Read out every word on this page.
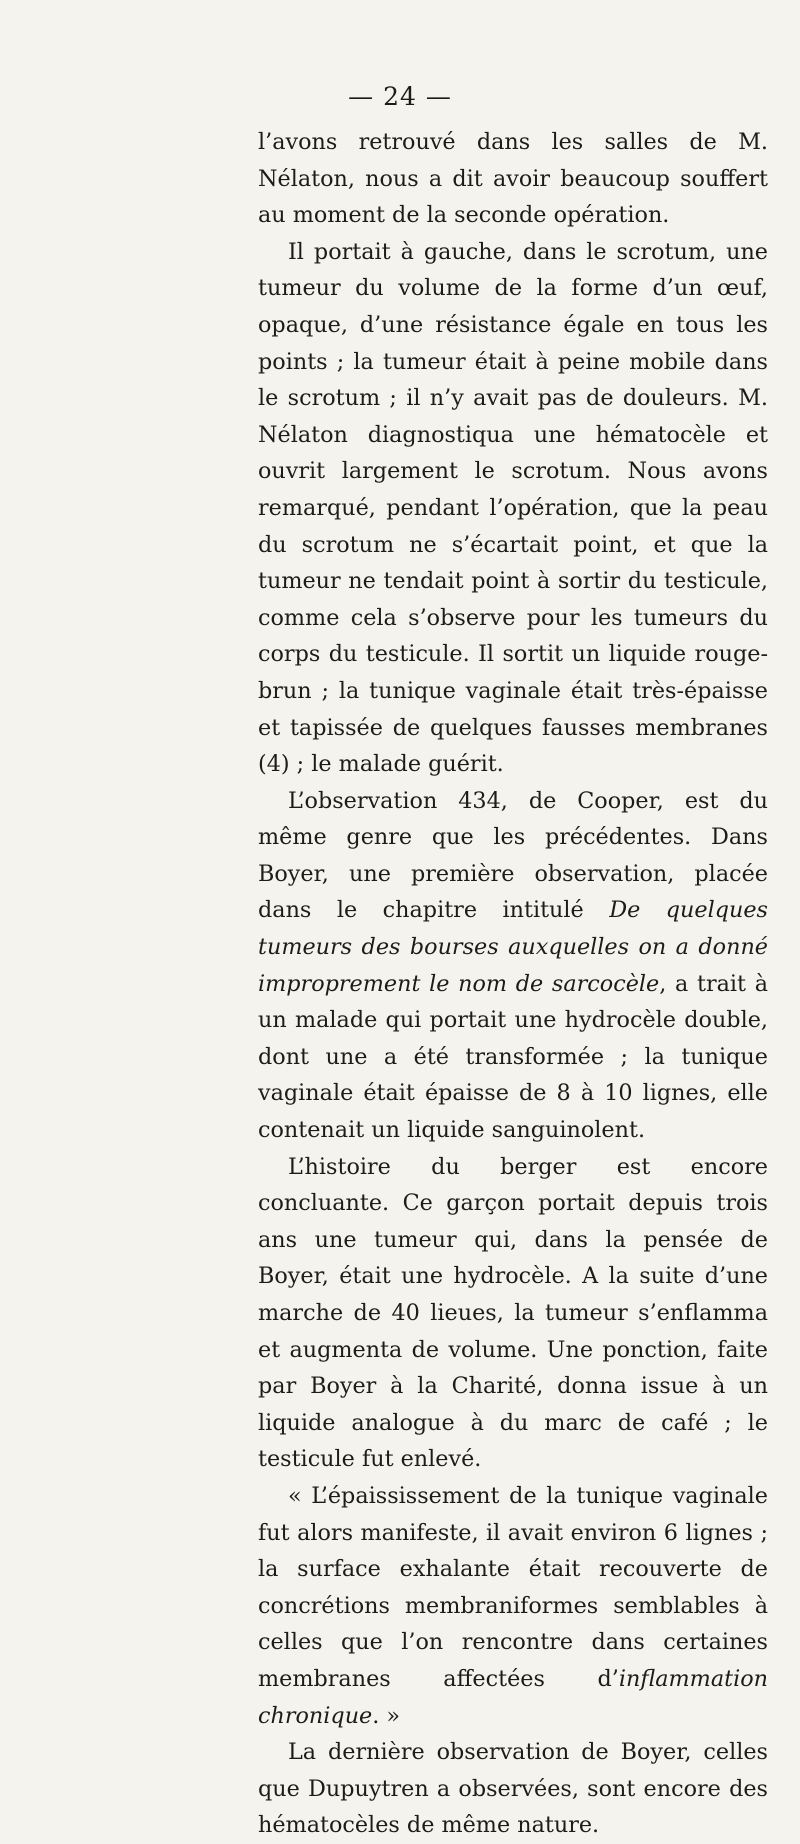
— 24 —

l’avons retrouvé dans les salles de M. Nélaton, nous a dit avoir beaucoup souffert au moment de la seconde opération.

Il portait à gauche, dans le scrotum, une tumeur du volume de la forme d’un œuf, opaque, d’une résistance égale en tous les points ; la tumeur était à peine mobile dans le scrotum ; il n’y avait pas de douleurs. M. Nélaton diagnostiqua une hématocèle et ouvrit largement le scrotum. Nous avons remarqué, pendant l’opération, que la peau du scrotum ne s’écartait point, et que la tumeur ne tendait point à sortir du testicule, comme cela s’observe pour les tumeurs du corps du testicule. Il sortit un liquide rouge-brun ; la tunique vaginale était très-épaisse et tapissée de quelques fausses membranes (4) ; le malade guérit.

L’observation 434, de Cooper, est du même genre que les précédentes. Dans Boyer, une première observation, placée dans le chapitre intitulé De quelques tumeurs des bourses auxquelles on a donné improprement le nom de sarcocèle, a trait à un malade qui portait une hydrocèle double, dont une a été transformée ; la tunique vaginale était épaisse de 8 à 10 lignes, elle contenait un liquide sanguinolent.

L’histoire du berger est encore concluante. Ce garçon portait depuis trois ans une tumeur qui, dans la pensée de Boyer, était une hydrocèle. A la suite d’une marche de 40 lieues, la tumeur s’enflamma et augmenta de volume. Une ponction, faite par Boyer à la Charité, donna issue à un liquide analogue à du marc de café ; le testicule fut enlevé.

« L’épaississement de la tunique vaginale fut alors manifeste, il avait environ 6 lignes ; la surface exhalante était recouverte de concrétions membraniformes semblables à celles que l’on rencontre dans certaines membranes affectées d’inflammation chronique. »

La dernière observation de Boyer, celles que Dupuytren a observées, sont encore des hématocèles de même nature.
